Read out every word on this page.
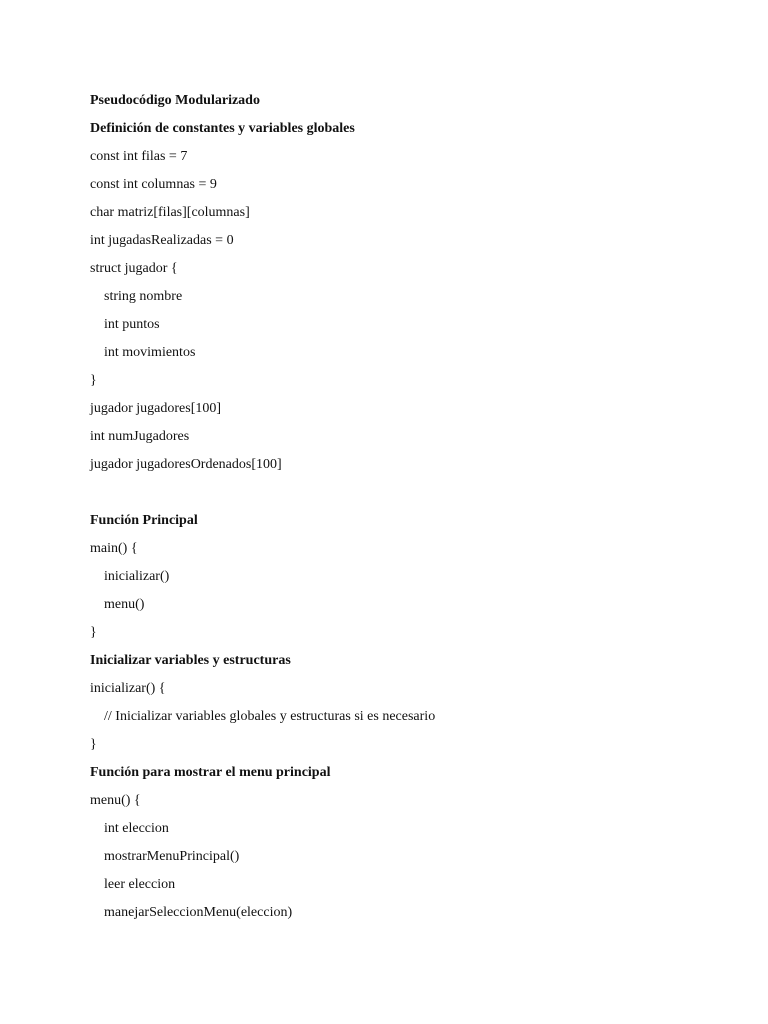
Pseudocódigo Modularizado
Definición de constantes y variables globales
const int filas = 7
const int columnas = 9
char matriz[filas][columnas]
int jugadasRealizadas = 0
struct jugador {
string nombre
int puntos
int movimientos
}
jugador jugadores[100]
int numJugadores
jugador jugadoresOrdenados[100]
Función Principal
main() {
inicializar()
menu()
}
Inicializar variables y estructuras
inicializar() {
// Inicializar variables globales y estructuras si es necesario
}
Función para mostrar el menu principal
menu() {
int eleccion
mostrarMenuPrincipal()
leer eleccion
manejarSeleccionMenu(eleccion)
